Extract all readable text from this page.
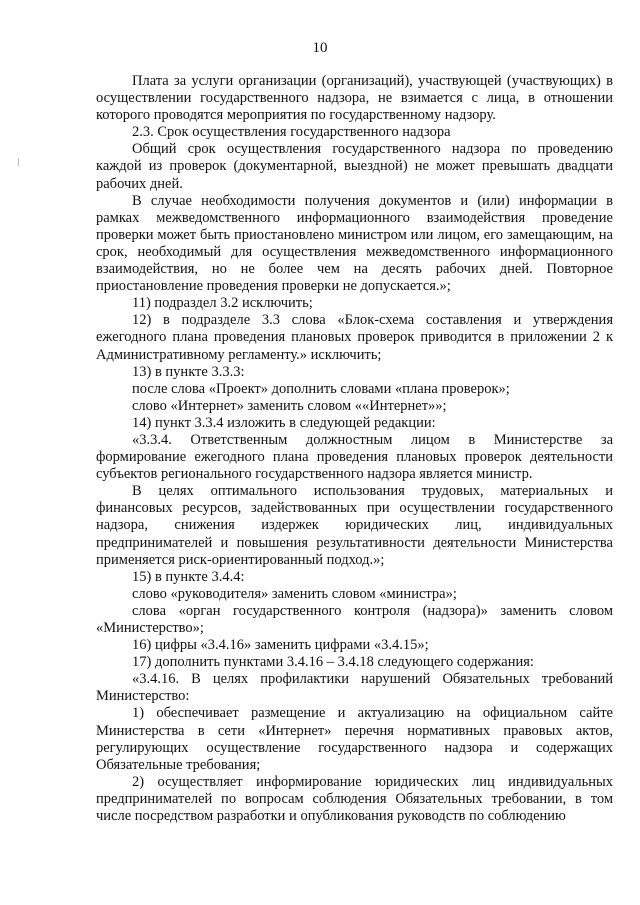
10

Плата за услуги организации (организаций), участвующей (участвующих) в осуществлении государственного надзора, не взимается с лица, в отношении которого проводятся мероприятия по государственному надзору.

2.3. Срок осуществления государственного надзора

Общий срок осуществления государственного надзора по проведению каждой из проверок (документарной, выездной) не может превышать двадцати рабочих дней.

В случае необходимости получения документов и (или) информации в рамках межведомственного информационного взаимодействия проведение проверки может быть приостановлено министром или лицом, его замещающим, на срок, необходимый для осуществления межведомственного информационного взаимодействия, но не более чем на десять рабочих дней. Повторное приостановление проведения проверки не допускается.»;

11) подраздел 3.2 исключить;

12) в подразделе 3.3 слова «Блок-схема составления и утверждения ежегодного плана проведения плановых проверок приводится в приложении 2 к Административному регламенту.» исключить;

13) в пункте 3.3.3:

после слова «Проект» дополнить словами «плана проверок»;

слово «Интернет» заменить словом ««Интернет»»;

14) пункт 3.3.4 изложить в следующей редакции:

«3.3.4. Ответственным должностным лицом в Министерстве за формирование ежегодного плана проведения плановых проверок деятельности субъектов регионального государственного надзора является министр.

В целях оптимального использования трудовых, материальных и финансовых ресурсов, задействованных при осуществлении государственного надзора, снижения издержек юридических лиц, индивидуальных предпринимателей и повышения результативности деятельности Министерства применяется риск-ориентированный подход.»;

15) в пункте 3.4.4:

слово «руководителя» заменить словом «министра»;

слова «орган государственного контроля (надзора)» заменить словом «Министерство»;

16) цифры «3.4.16» заменить цифрами «3.4.15»;

17) дополнить пунктами 3.4.16 – 3.4.18 следующего содержания:

«3.4.16. В целях профилактики нарушений Обязательных требований Министерство:

1) обеспечивает размещение и актуализацию на официальном сайте Министерства в сети «Интернет» перечня нормативных правовых актов, регулирующих осуществление государственного надзора и содержащих Обязательные требования;

2) осуществляет информирование юридических лиц индивидуальных предпринимателей по вопросам соблюдения Обязательных требовании, в том числе посредством разработки и опубликования руководств по соблюдению
